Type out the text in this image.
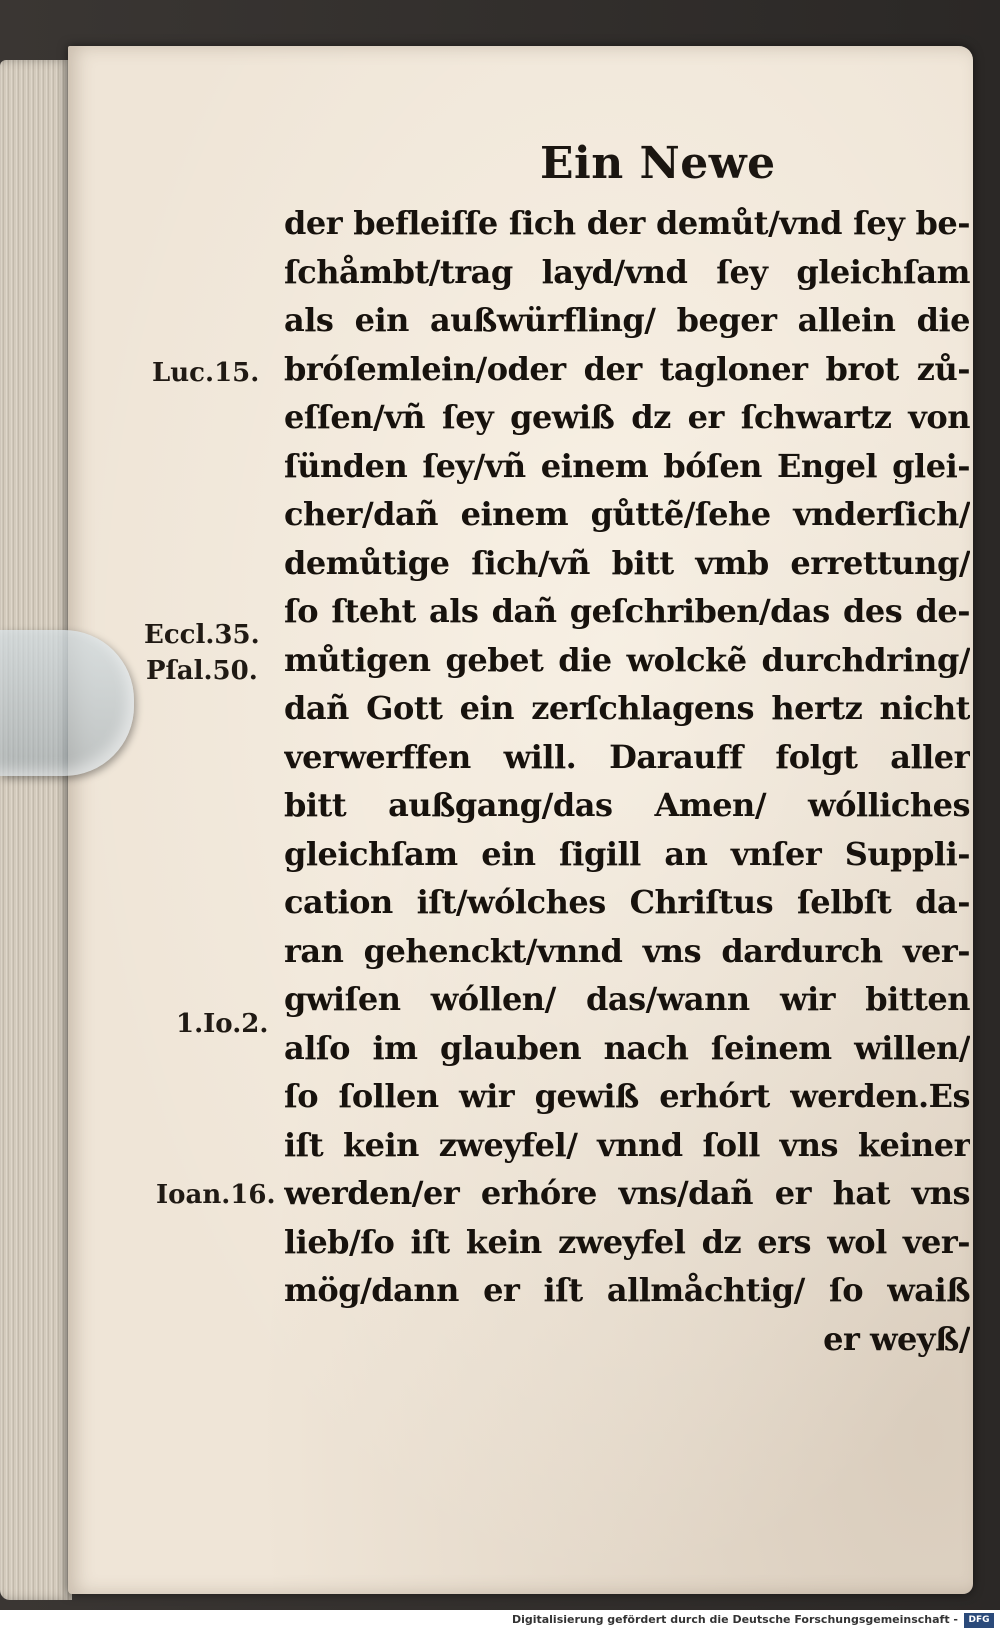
Ein Newe
der befleiſſe ſich der demůt/vnd ſey be-
ſchåmbt/trag layd/vnd ſey gleichſam
als ein außwürfling/ beger allein die
bróſemlein/oder der tagloner brot zů-
eſſen/vñ ſey gewiß dz er ſchwartz von
ſünden ſey/vñ einem bóſen Engel glei-
cher/dañ einem gůttẽ/ſehe vnderſich/
demůtige ſich/vñ bitt vmb errettung/
ſo ſteht als dañ geſchriben/das des de-
můtigen gebet die wolckẽ durchdring/
dañ Gott ein zerſchlagens hertz nicht
verwerffen will. Darauff folgt aller
bitt außgang/das Amen/ wólliches
gleichſam ein ſigill an vnſer Suppli-
cation iſt/wólches Chriſtus ſelbſt da-
ran gehenckt/vnnd vns dardurch ver-
gwiſen wóllen/ das/wann wir bitten
alſo im glauben nach ſeinem willen/
ſo ſollen wir gewiß erhórt werden.Es
iſt kein zweyfel/ vnnd ſoll vns keiner
werden/er erhóre vns/dañ er hat vns
lieb/ſo iſt kein zweyfel dz ers wol ver-
mög/dann er iſt allmåchtig/ ſo waiß
er weyß/
Luc.15.
Eccl.35.
Pſal.50.
1.Io.2.
Ioan.16.
Digitalisierung gefördert durch die Deutsche Forschungsgemeinschaft -	DFG
